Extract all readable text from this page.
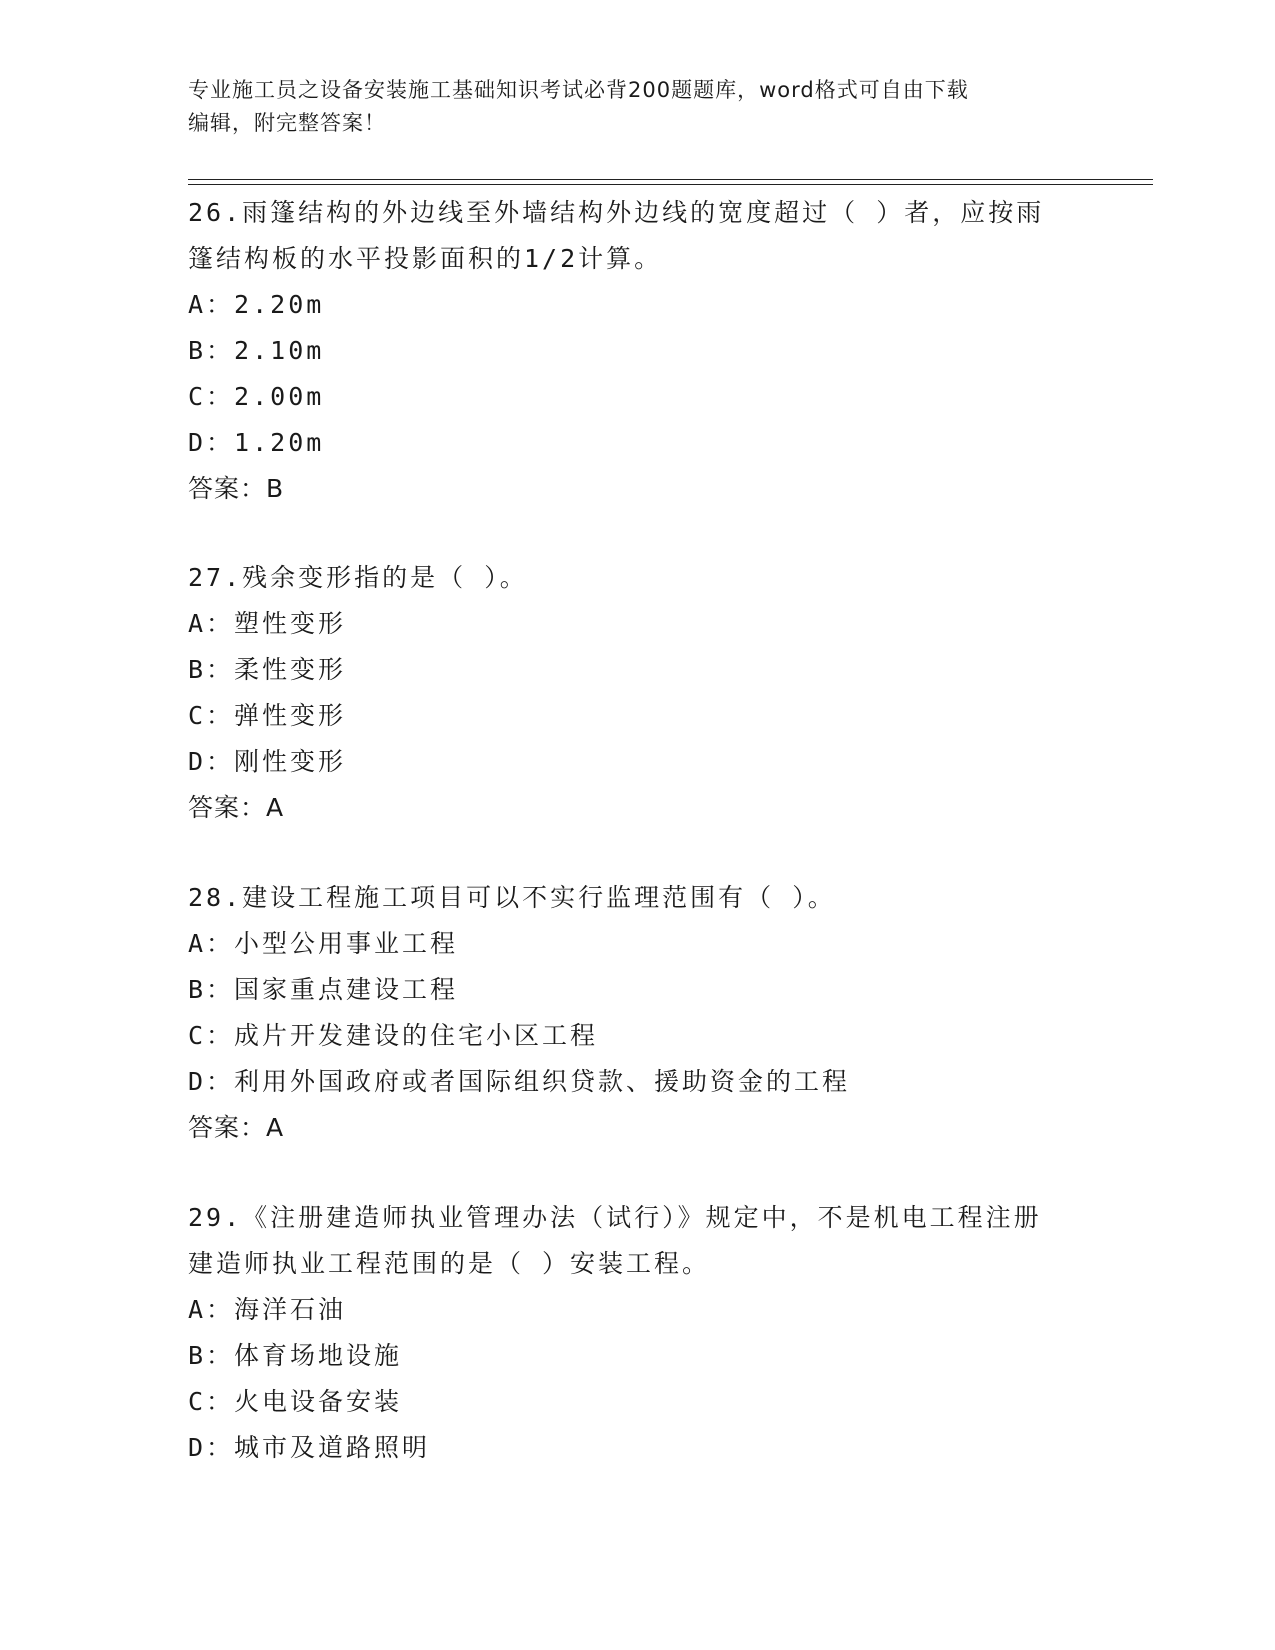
专业施工员之设备安装施工基础知识考试必背200题题库，word格式可自由下载
编辑，附完整答案！
26.雨篷结构的外边线至外墙结构外边线的宽度超过（ ）者，应按雨
篷结构板的水平投影面积的1/2计算。
A：2.20m
B：2.10m
C：2.00m
D：1.20m
答案：B
27.残余变形指的是（ ）。
A：塑性变形
B：柔性变形
C：弹性变形
D：刚性变形
答案：A
28.建设工程施工项目可以不实行监理范围有（ ）。
A：小型公用事业工程
B：国家重点建设工程
C：成片开发建设的住宅小区工程
D：利用外国政府或者国际组织贷款、援助资金的工程
答案：A
29.《注册建造师执业管理办法（试行）》规定中，不是机电工程注册
建造师执业工程范围的是（ ）安装工程。
A：海洋石油
B：体育场地设施
C：火电设备安装
D：城市及道路照明
